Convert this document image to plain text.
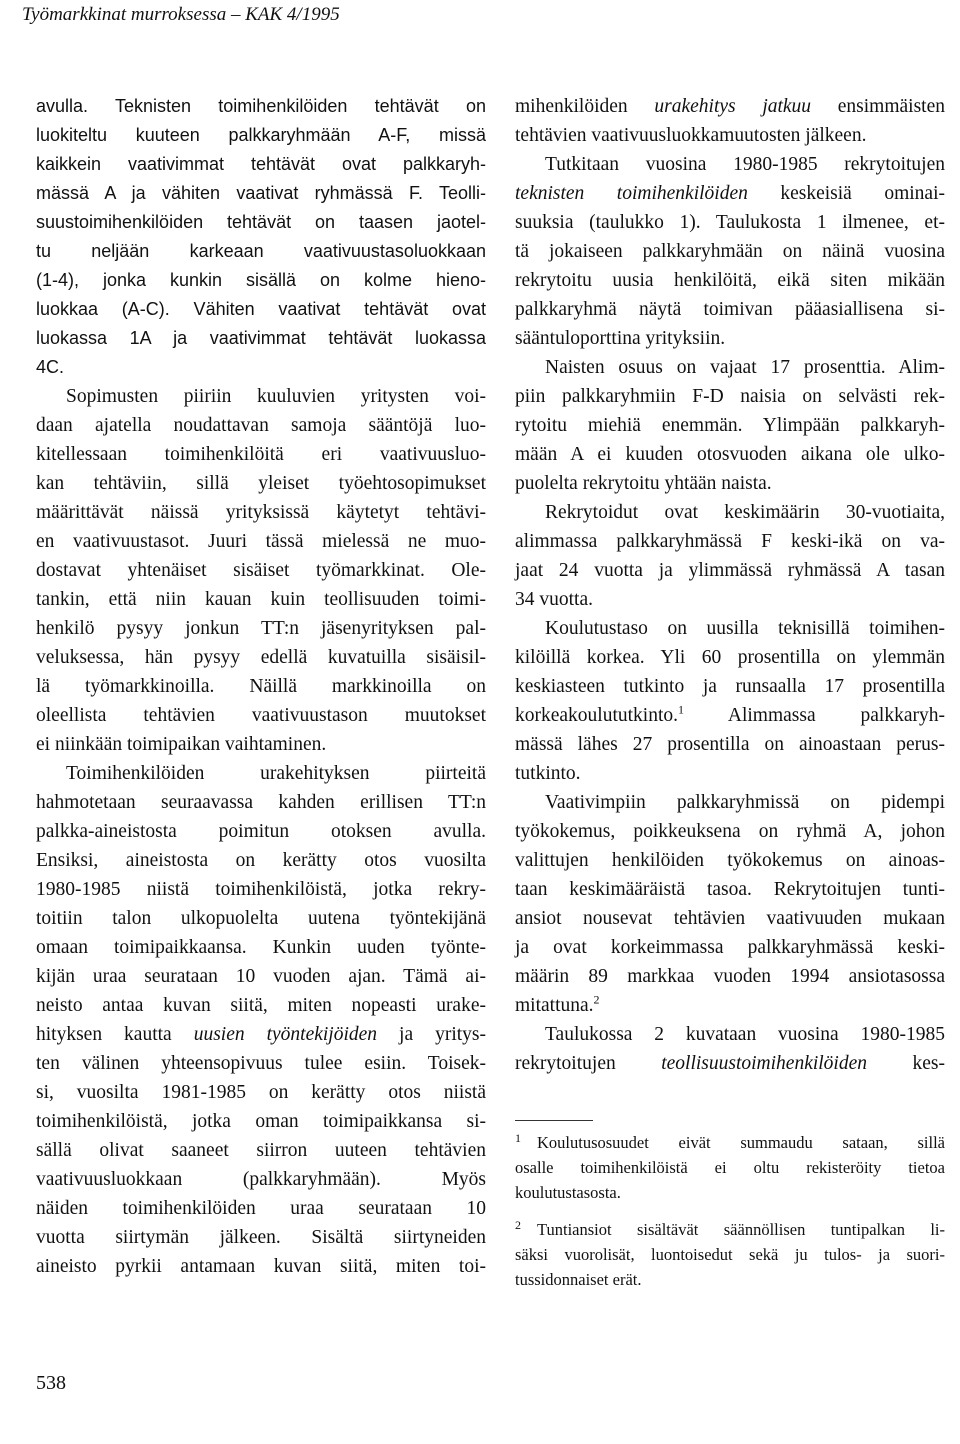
Työmarkkinat murroksessa – KAK 4/1995
avulla. Teknisten toimihenkilöiden tehtävät on
luokiteltu kuuteen palkkaryhmään A-F, missä
kaikkein vaativimmat tehtävät ovat palkkaryh-
mässä A ja vähiten vaativat ryhmässä F. Teolli-
suustoimihenkilöiden tehtävät on taasen jaotel-
tu neljään karkeaan vaativuustasoluokkaan
(1-4), jonka kunkin sisällä on kolme hieno-
luokkaa (A-C). Vähiten vaativat tehtävät ovat
luokassa 1A ja vaativimmat tehtävät luokassa
4C.
Sopimusten piiriin kuuluvien yritysten voi-
daan ajatella noudattavan samoja sääntöjä luo-
kitellessaan toimihenkilöitä eri vaativuusluo-
kan tehtäviin, sillä yleiset työehtosopimukset
määrittävät näissä yrityksissä käytetyt tehtävi-
en vaativuustasot. Juuri tässä mielessä ne muo-
dostavat yhtenäiset sisäiset työmarkkinat. Ole-
tankin, että niin kauan kuin teollisuuden toimi-
henkilö pysyy jonkun TT:n jäsenyrityksen pal-
veluksessa, hän pysyy edellä kuvatuilla sisäisil-
lä työmarkkinoilla. Näillä markkinoilla on
oleellista tehtävien vaativuustason muutokset
ei niinkään toimipaikan vaihtaminen.
Toimihenkilöiden urakehityksen piirteitä
hahmotetaan seuraavassa kahden erillisen TT:n
palkka-aineistosta poimitun otoksen avulla.
Ensiksi, aineistosta on kerätty otos vuosilta
1980-1985 niistä toimihenkilöistä, jotka rekry-
toitiin talon ulkopuolelta uutena työntekijänä
omaan toimipaikkaansa. Kunkin uuden työnte-
kijän uraa seurataan 10 vuoden ajan. Tämä ai-
neisto antaa kuvan siitä, miten nopeasti urake-
hityksen kautta uusien työntekijöiden ja yritys-
ten välinen yhteensopivuus tulee esiin. Toisek-
si, vuosilta 1981-1985 on kerätty otos niistä
toimihenkilöistä, jotka oman toimipaikkansa si-
sällä olivat saaneet siirron uuteen tehtävien
vaativuusluokkaan (palkkaryhmään). Myös
näiden toimihenkilöiden uraa seurataan 10
vuotta siirtymän jälkeen. Sisältä siirtyneiden
aineisto pyrkii antamaan kuvan siitä, miten toi-
mihenkilöiden urakehitys jatkuu ensimmäisten
tehtävien vaativuusluokkamuutosten jälkeen.
Tutkitaan vuosina 1980-1985 rekrytoitujen
teknisten toimihenkilöiden keskeisiä ominai-
suuksia (taulukko 1). Taulukosta 1 ilmenee, et-
tä jokaiseen palkkaryhmään on näinä vuosina
rekrytoitu uusia henkilöitä, eikä siten mikään
palkkaryhmä näytä toimivan pääasiallisena si-
sääntuloporttina yrityksiin.
Naisten osuus on vajaat 17 prosenttia. Alim-
piin palkkaryhmiin F-D naisia on selvästi rek-
rytoitu miehiä enemmän. Ylimpään palkkaryh-
mään A ei kuuden otosvuoden aikana ole ulko-
puolelta rekrytoitu yhtään naista.
Rekrytoidut ovat keskimäärin 30-vuotiaita,
alimmassa palkkaryhmässä F keski-ikä on va-
jaat 24 vuotta ja ylimmässä ryhmässä A tasan
34 vuotta.
Koulutustaso on uusilla teknisillä toimihen-
kilöillä korkea. Yli 60 prosentilla on ylemmän
keskiasteen tutkinto ja runsaalla 17 prosentilla
korkeakoulututkinto.$^1$ Alimmassa palkkaryh-
mässä lähes 27 prosentilla on ainoastaan perus-
tutkinto.
Vaativimpiin palkkaryhmissä on pidempi
työkokemus, poikkeuksena on ryhmä A, johon
valittujen henkilöiden työkokemus on ainoas-
taan keskimääräistä tasoa. Rekrytoitujen tunti-
ansiot nousevat tehtävien vaativuuden mukaan
ja ovat korkeimmassa palkkaryhmässä keski-
määrin 89 markkaa vuoden 1994 ansiotasossa
mitattuna.$^2$
Taulukossa 2 kuvataan vuosina 1980-1985
rekrytoitujen teollisuustoimihenkilöiden kes-
$^1$ Koulutusosuudet eivät summaudu sataan, sillä
osalle toimihenkilöistä ei oltu rekisteröity tietoa
koulutustasosta.
$^2$ Tuntiansiot sisältävät säännöllisen tuntipalkan li-
säksi vuorolisät, luontoisedut sekä ju tulos- ja suori-
tussidonnaiset erät.
538
